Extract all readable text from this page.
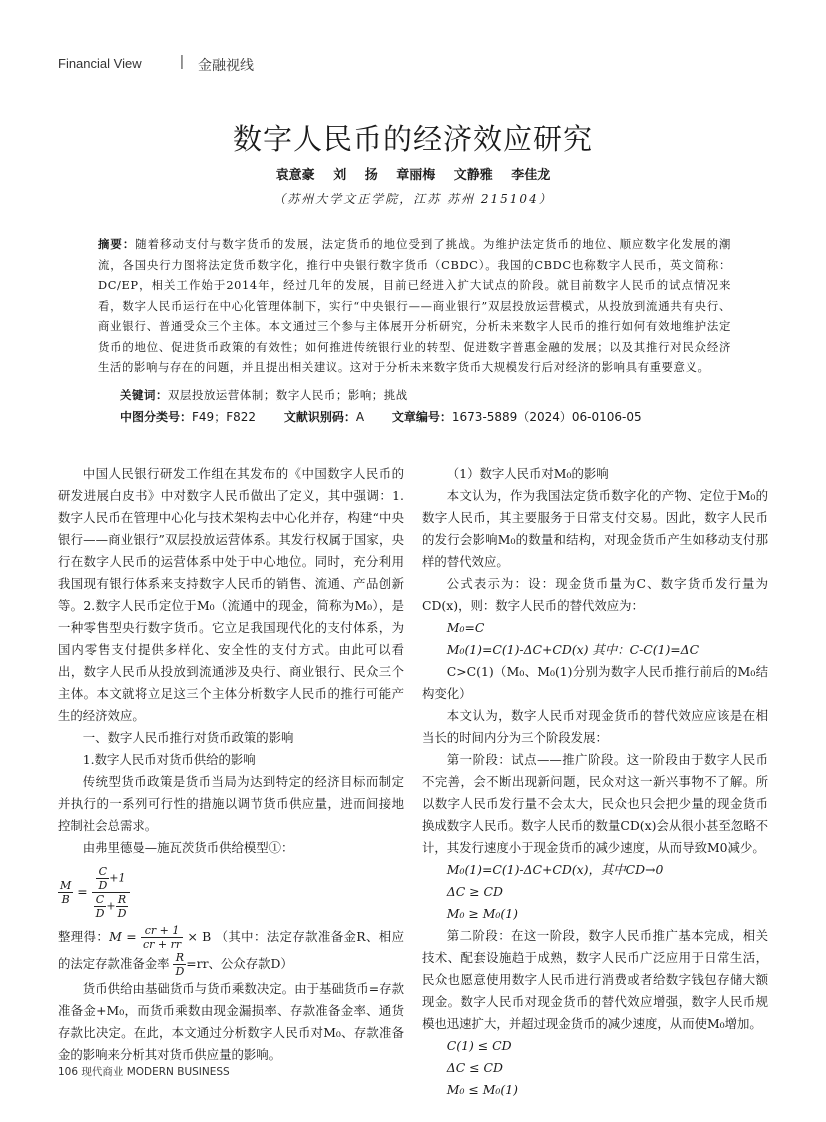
Financial View	| 金融视线
数字人民币的经济效应研究
袁意豪 刘 扬 章丽梅 文静雅 李佳龙
（苏州大学文正学院，江苏 苏州 215104）
摘要：随着移动支付与数字货币的发展，法定货币的地位受到了挑战。为维护法定货币的地位、顺应数字化发展的潮流，各国央行力图将法定货币数字化，推行中央银行数字货币（CBDC）。我国的CBDC也称数字人民币，英文简称：DC/EP，相关工作始于2014年，经过几年的发展，目前已经进入扩大试点的阶段。就目前数字人民币的试点情况来看，数字人民币运行在中心化管理体制下，实行“中央银行——商业银行”双层投放运营模式，从投放到流通共有央行、商业银行、普通受众三个主体。本文通过三个参与主体展开分析研究，分析未来数字人民币的推行如何有效地维护法定货币的地位、促进货币政策的有效性；如何推进传统银行业的转型、促进数字普惠金融的发展；以及其推行对民众经济生活的影响与存在的问题，并且提出相关建议。这对于分析未来数字货币大规模发行后对经济的影响具有重要意义。
关键词：双层投放运营体制；数字人民币；影响；挑战
中图分类号：F49；F822 文献识别码：A 文章编号：1673-5889（2024）06-0106-05

中国人民银行研发工作组在其发布的《中国数字人民币的研发进展白皮书》中对数字人民币做出了定义，其中强调：1.数字人民币在管理中心化与技术架构去中心化并存，构建“中央银行——商业银行”双层投放运营体系。其发行权属于国家，央行在数字人民币的运营体系中处于中心地位。同时，充分利用我国现有银行体系来支持数字人民币的销售、流通、产品创新等。2.数字人民币定位于M₀（流通中的现金，简称为M₀），是一种零售型央行数字货币。它立足我国现代化的支付体系，为国内零售支付提供多样化、安全性的支付方式。由此可以看出，数字人民币从投放到流通涉及央行、商业银行、民众三个主体。本文就将立足这三个主体分析数字人民币的推行可能产生的经济效应。

一、数字人民币推行对货币政策的影响

1.数字人民币对货币供给的影响

传统型货币政策是货币当局为达到特定的经济目标而制定并执行的一系列可行性的措施以调节货币供应量，进而间接地控制社会总需求。

由弗里德曼—施瓦茨货币供给模型①：

$\frac{M}{B} = \frac{\frac{C}{D} +1}{\frac{C}{D} + \frac{R}{D}}$

整理得：$M = \frac{cr + 1}{cr + rr} \times B$ （其中：法定存款准备金R、相应的法定存款准备金率 $\frac{R}{D} =rr$、公众存款D）

货币供给由基础货币与货币乘数决定。由于基础货币=存款准备金+M₀，而货币乘数由现金漏损率、存款准备金率、通货存款比决定。在此，本文通过分析数字人民币对M₀、存款准备金的影响来分析其对货币供应量的影响。

（1）数字人民币对M₀的影响

本文认为，作为我国法定货币数字化的产物、定位于M₀的数字人民币，其主要服务于日常支付交易。因此，数字人民币的发行会影响M₀的数量和结构，对现金货币产生如移动支付那样的替代效应。

公式表示为：设：现金货币量为C、数字货币发行量为CD(x)，则：数字人民币的替代效应为：

M₀=C

M₀(1)=C(1)-ΔC+CD(x) 其中：C-C(1)=ΔC

C>C(1)（M₀、M₀(1)分别为数字人民币推行前后的M₀结构变化）

本文认为，数字人民币对现金货币的替代效应应该是在相当长的时间内分为三个阶段发展：

第一阶段：试点——推广阶段。这一阶段由于数字人民币不完善，会不断出现新问题，民众对这一新兴事物不了解。所以数字人民币发行量不会太大，民众也只会把少量的现金货币换成数字人民币。数字人民币的数量CD(x)会从很小甚至忽略不计，其发行速度小于现金货币的减少速度，从而导致M0减少。

M₀(1)=C(1)-ΔC+CD(x)，其中CD→0

ΔC ≥ CD

M₀ ≥ M₀(1)

第二阶段：在这一阶段，数字人民币推广基本完成，相关技术、配套设施趋于成熟，数字人民币广泛应用于日常生活，民众也愿意使用数字人民币进行消费或者给数字钱包存储大额现金。数字人民币对现金货币的替代效应增强，数字人民币规模也迅速扩大，并超过现金货币的减少速度，从而使M₀增加。

C(1) ≤ CD

ΔC ≤ CD

M₀ ≤ M₀(1)

106 现代商业 MODERN BUSINESS
